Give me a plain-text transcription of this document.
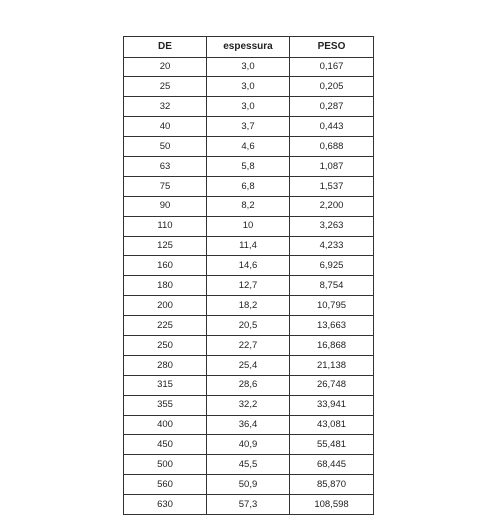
DE	espessura	PESO
20	3,0	0,167
25	3,0	0,205
32	3,0	0,287
40	3,7	0,443
50	4,6	0,688
63	5,8	1,087
75	6,8	1,537
90	8,2	2,200
110	10	3,263
125	11,4	4,233
160	14,6	6,925
180	12,7	8,754
200	18,2	10,795
225	20,5	13,663
250	22,7	16,868
280	25,4	21,138
315	28,6	26,748
355	32,2	33,941
400	36,4	43,081
450	40,9	55,481
500	45,5	68,445
560	50,9	85,870
630	57,3	108,598
